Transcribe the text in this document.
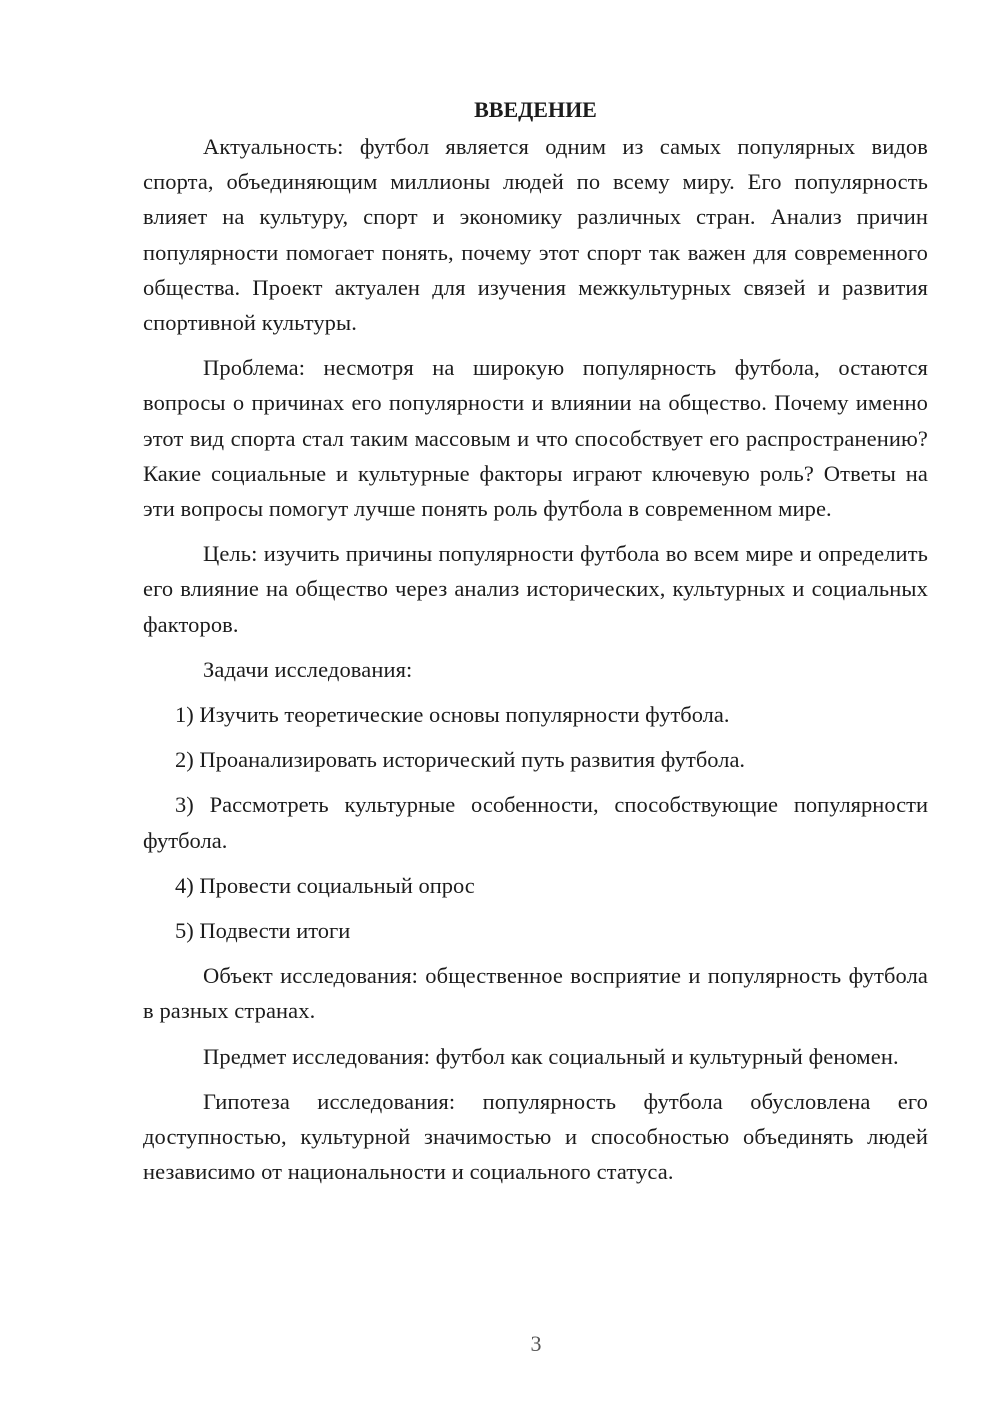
ВВЕДЕНИЕ

Актуальность: футбол является одним из самых популярных видов спорта, объединяющим миллионы людей по всему миру. Его популярность влияет на культуру, спорт и экономику различных стран. Анализ причин популярности помогает понять, почему этот спорт так важен для современного общества. Проект актуален для изучения межкультурных связей и развития спортивной культуры.

Проблема: несмотря на широкую популярность футбола, остаются вопросы о причинах его популярности и влиянии на общество. Почему именно этот вид спорта стал таким массовым и что способствует его распространению? Какие социальные и культурные факторы играют ключевую роль? Ответы на эти вопросы помогут лучше понять роль футбола в современном мире.

Цель: изучить причины популярности футбола во всем мире и определить его влияние на общество через анализ исторических, культурных и социальных факторов.

Задачи исследования:

1) Изучить теоретические основы популярности футбола.

2) Проанализировать исторический путь развития футбола.

3) Рассмотреть культурные особенности, способствующие популярности футбола.

4) Провести социальный опрос

5) Подвести итоги

Объект исследования: общественное восприятие и популярность футбола в разных странах.

Предмет исследования: футбол как социальный и культурный феномен.

Гипотеза исследования: популярность футбола обусловлена его доступностью, культурной значимостью и способностью объединять людей независимо от национальности и социального статуса.

3
